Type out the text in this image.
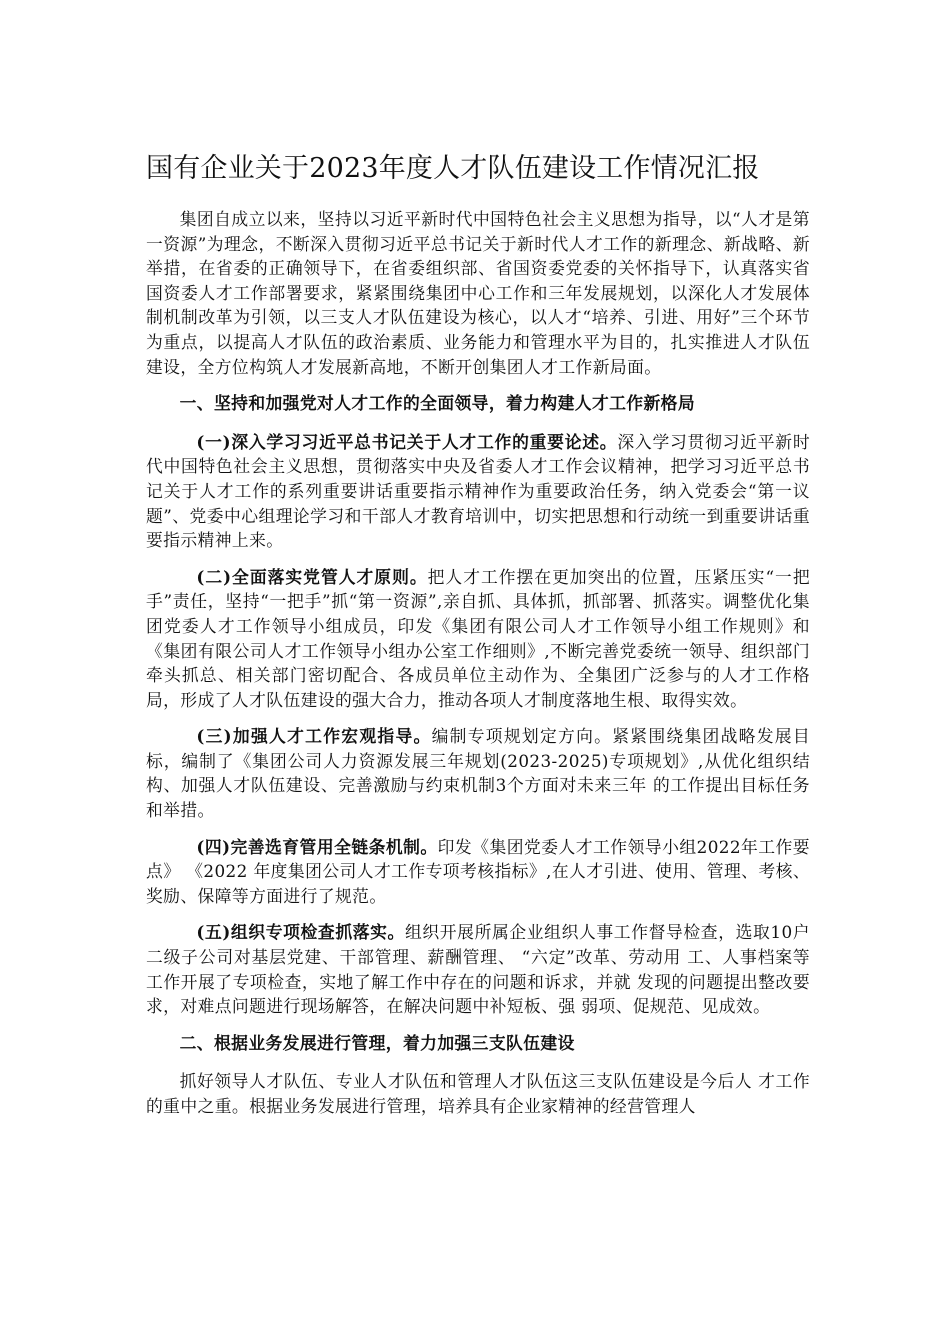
国有企业关于2023年度人才队伍建设工作情况汇报

集团自成立以来，坚持以习近平新时代中国特色社会主义思想为指导，以“人才是第一资源”为理念，不断深入贯彻习近平总书记关于新时代人才工作的新理念、新战略、新举措，在省委的正确领导下，在省委组织部、省国资委党委的关怀指导下，认真落实省国资委人才工作部署要求，紧紧围绕集团中心工作和三年发展规划，以深化人才发展体制机制改革为引领，以三支人才队伍建设为核心，以人才“培养、引进、用好”三个环节为重点，以提高人才队伍的政治素质、业务能力和管理水平为目的，扎实推进人才队伍建设，全方位构筑人才发展新高地，不断开创集团人才工作新局面。

一、坚持和加强党对人才工作的全面领导，着力构建人才工作新格局

(一)深入学习习近平总书记关于人才工作的重要论述。深入学习贯彻习近平新时代中国特色社会主义思想，贯彻落实中央及省委人才工作会议精神，把学习习近平总书记关于人才工作的系列重要讲话重要指示精神作为重要政治任务，纳入党委会“第一议题”、党委中心组理论学习和干部人才教育培训中，切实把思想和行动统一到重要讲话重要指示精神上来。

(二)全面落实党管人才原则。把人才工作摆在更加突出的位置，压紧压实“一把手”责任，坚持“一把手”抓“第一资源”,亲自抓、具体抓，抓部署、抓落实。调整优化集团党委人才工作领导小组成员，印发《集团有限公司人才工作领导小组工作规则》和《集团有限公司人才工作领导小组办公室工作细则》,不断完善党委统一领导、组织部门牵头抓总、相关部门密切配合、各成员单位主动作为、全集团广泛参与的人才工作格局，形成了人才队伍建设的强大合力，推动各项人才制度落地生根、取得实效。

(三)加强人才工作宏观指导。编制专项规划定方向。紧紧围绕集团战略发展目标，编制了《集团公司人力资源发展三年规划(2023-2025)专项规划》,从优化组织结构、加强人才队伍建设、完善激励与约束机制3个方面对未来三年 的工作提出目标任务和举措。

(四)完善选育管用全链条机制。印发《集团党委人才工作领导小组2022年工作要点》 《2022 年度集团公司人才工作专项考核指标》,在人才引进、使用、管理、考核、奖励、保障等方面进行了规范。

(五)组织专项检查抓落实。组织开展所属企业组织人事工作督导检查，选取10户二级子公司对基层党建、干部管理、薪酬管理、 “六定”改革、劳动用 工、人事档案等工作开展了专项检查，实地了解工作中存在的问题和诉求，并就 发现的问题提出整改要求，对难点问题进行现场解答，在解决问题中补短板、强 弱项、促规范、见成效。

二、根据业务发展进行管理，着力加强三支队伍建设

抓好领导人才队伍、专业人才队伍和管理人才队伍这三支队伍建设是今后人 才工作的重中之重。根据业务发展进行管理，培养具有企业家精神的经营管理人
